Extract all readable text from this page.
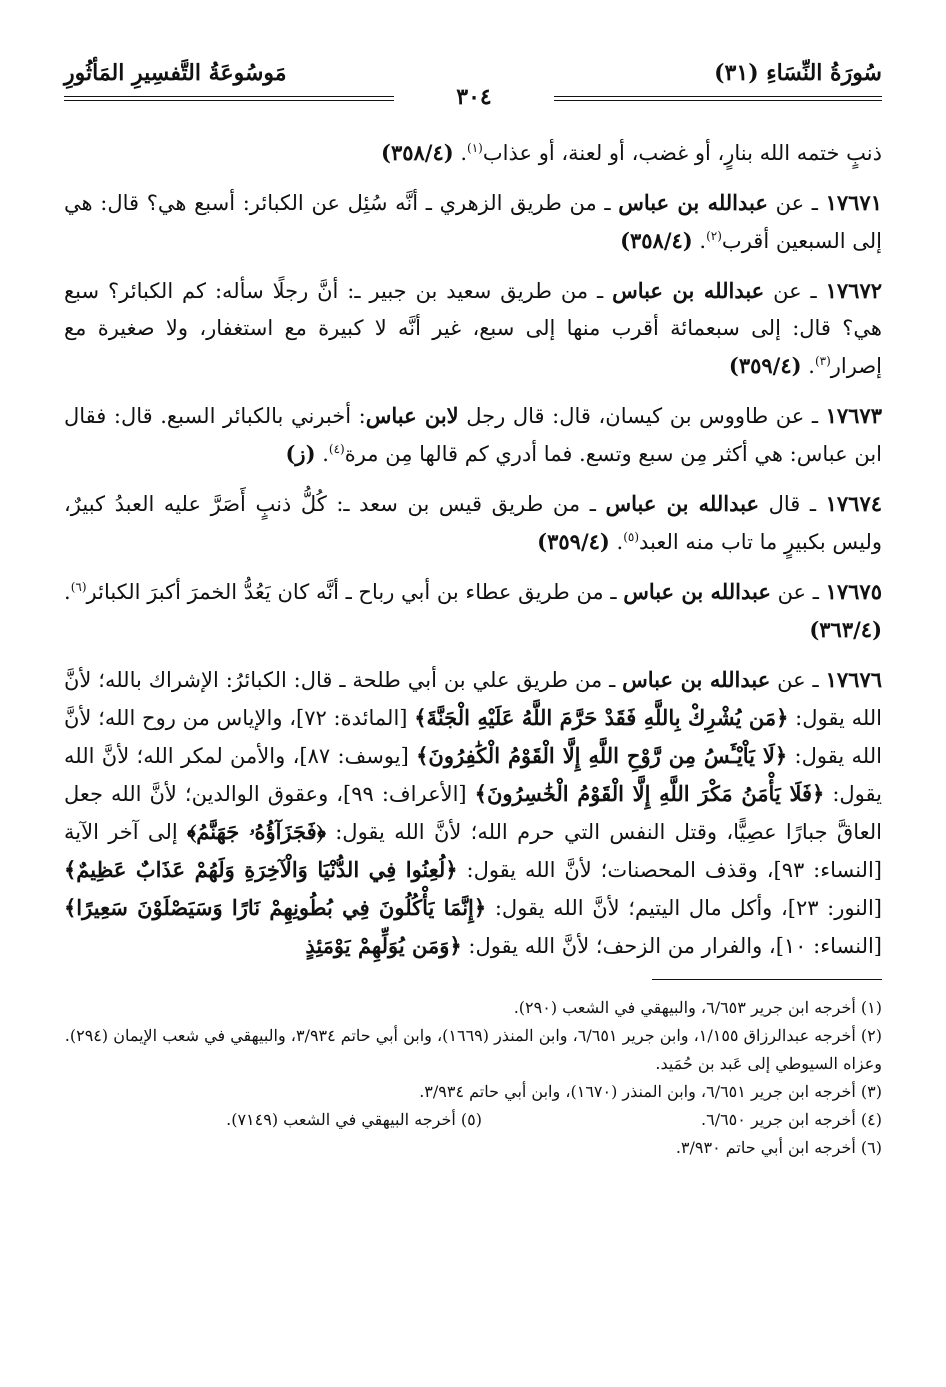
سُورَةُ النِّسَاءِ (٣١)
مَوسُوعَةُ التَّفسِيرِ المَأثُورِ
٣٠٤

ذنبٍ ختمه الله بنارٍ، أو غضب، أو لعنة، أو عذاب$^{(١)}$. (٣٥٨/٤)

١٧٦٧١ ـ عن عبدالله بن عباس ـ من طريق الزهري ـ أنَّه سُئِل عن الكبائر: أسبع هي؟ قال: هي إلى السبعين أقرب$^{(٢)}$. (٣٥٨/٤)

١٧٦٧٢ ـ عن عبدالله بن عباس ـ من طريق سعيد بن جبير ـ: أنَّ رجلًا سأله: كم الكبائر؟ سبع هي؟ قال: إلى سبعمائة أقرب منها إلى سبع، غير أنَّه لا كبيرة مع استغفار، ولا صغيرة مع إصرار$^{(٣)}$. (٣٥٩/٤)

١٧٦٧٣ ـ عن طاووس بن كيسان، قال: قال رجل لابن عباس: أخبرني بالكبائر السبع. قال: فقال ابن عباس: هي أكثر مِن سبع وتسع. فما أدري كم قالها مِن مرة$^{(٤)}$. (ز)

١٧٦٧٤ ـ قال عبدالله بن عباس ـ من طريق قيس بن سعد ـ: كُلُّ ذنبٍ أَصَرَّ عليه العبدُ كبيرٌ، وليس بكبيرٍ ما تاب منه العبد$^{(٥)}$. (٣٥٩/٤)

١٧٦٧٥ ـ عن عبدالله بن عباس ـ من طريق عطاء بن أبي رباح ـ أنَّه كان يَعُدُّ الخمرَ أكبرَ الكبائر$^{(٦)}$. (٣٦٣/٤)

١٧٦٧٦ ـ عن عبدالله بن عباس ـ من طريق علي بن أبي طلحة ـ قال: الكبائرُ: الإشراك بالله؛ لأنَّ الله يقول: ﴿مَن يُشْرِكْ بِاللَّهِ فَقَدْ حَرَّمَ اللَّهُ عَلَيْهِ الْجَنَّةَ﴾ [المائدة: ٧٢]، والإياس من روح الله؛ لأنَّ الله يقول: ﴿لَا يَاْيْـَٔسُ مِن رَّوْحِ اللَّهِ إِلَّا الْقَوْمُ الْكَٰفِرُونَ﴾ [يوسف: ٨٧]، والأمن لمكر الله؛ لأنَّ الله يقول: ﴿فَلَا يَأْمَنُ مَكْرَ اللَّهِ إِلَّا الْقَوْمُ الْخَٰسِرُونَ﴾ [الأعراف: ٩٩]، وعقوق الوالدين؛ لأنَّ الله جعل العاقَّ جبارًا عصِيًّا، وقتل النفس التي حرم الله؛ لأنَّ الله يقول: ﴿فَجَزَآؤُهُۥ جَهَنَّمُ﴾ إلى آخر الآية [النساء: ٩٣]، وقذف المحصنات؛ لأنَّ الله يقول: ﴿لُعِنُوا فِي الدُّنْيَا وَالْآخِرَةِ وَلَهُمْ عَذَابٌ عَظِيمٌ﴾ [النور: ٢٣]، وأكل مال اليتيم؛ لأنَّ الله يقول: ﴿إِنَّمَا يَأْكُلُونَ فِي بُطُونِهِمْ نَارًا وَسَيَصْلَوْنَ سَعِيرًا﴾ [النساء: ١٠]، والفرار من الزحف؛ لأنَّ الله يقول: ﴿وَمَن يُوَلِّهِمْ يَوْمَئِذٍ

(١) أخرجه ابن جرير ٦/٦٥٣، والبيهقي في الشعب (٢٩٠).
(٢) أخرجه عبدالرزاق ١/١٥٥، وابن جرير ٦/٦٥١، وابن المنذر (١٦٦٩)، وابن أبي حاتم ٣/٩٣٤، والبيهقي في شعب الإيمان (٢٩٤). وعزاه السيوطي إلى عَبد بن حُمَيد.
(٣) أخرجه ابن جرير ٦/٦٥١، وابن المنذر (١٦٧٠)، وابن أبي حاتم ٣/٩٣٤.
(٤) أخرجه ابن جرير ٦/٦٥٠.
(٥) أخرجه البيهقي في الشعب (٧١٤٩).
(٦) أخرجه ابن أبي حاتم ٣/٩٣٠.
